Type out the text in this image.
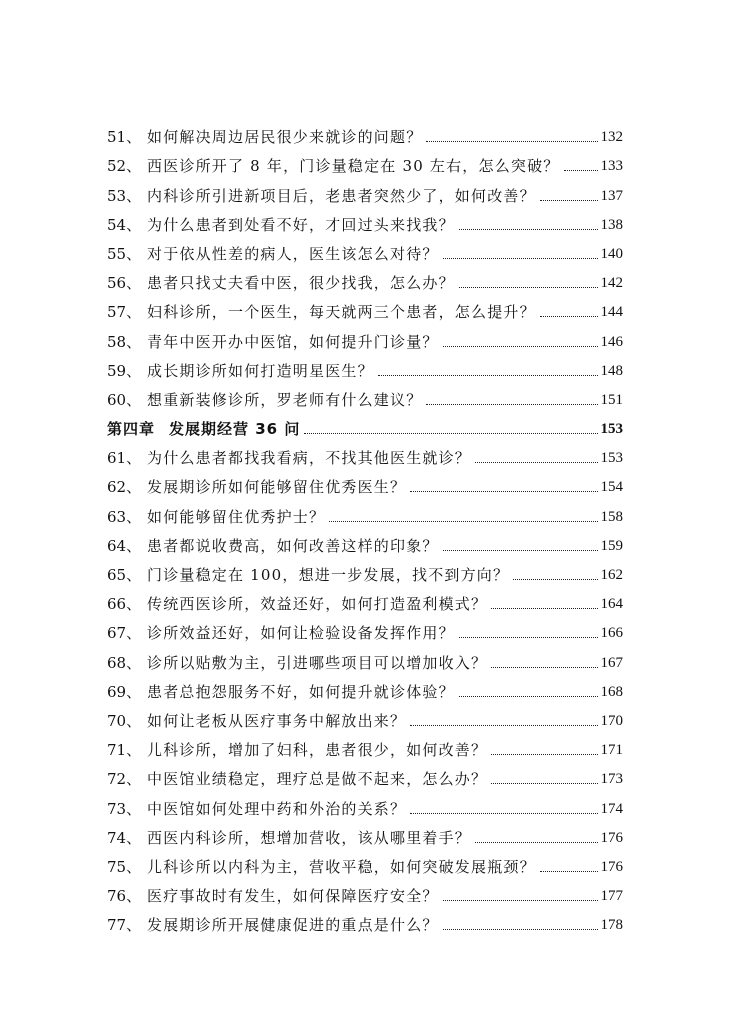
51、 如何解决周边居民很少来就诊的问题？	132
52、 西医诊所开了 8 年，门诊量稳定在 30 左右，怎么突破？	133
53、 内科诊所引进新项目后，老患者突然少了，如何改善？	137
54、 为什么患者到处看不好，才回过头来找我？	138
55、 对于依从性差的病人，医生该怎么对待？	140
56、 患者只找丈夫看中医，很少找我，怎么办？	142
57、 妇科诊所，一个医生，每天就两三个患者，怎么提升？	144
58、 青年中医开办中医馆，如何提升门诊量？	146
59、 成长期诊所如何打造明星医生？	148
60、 想重新装修诊所，罗老师有什么建议？	151
第四章 发展期经营 36 问	153
61、 为什么患者都找我看病，不找其他医生就诊？	153
62、 发展期诊所如何能够留住优秀医生？	154
63、 如何能够留住优秀护士？	158
64、 患者都说收费高，如何改善这样的印象？	159
65、 门诊量稳定在 100，想进一步发展，找不到方向？	162
66、 传统西医诊所，效益还好，如何打造盈利模式？	164
67、 诊所效益还好，如何让检验设备发挥作用？	166
68、 诊所以贴敷为主，引进哪些项目可以增加收入？	167
69、 患者总抱怨服务不好，如何提升就诊体验？	168
70、 如何让老板从医疗事务中解放出来？	170
71、 儿科诊所，增加了妇科，患者很少，如何改善？	171
72、 中医馆业绩稳定，理疗总是做不起来，怎么办？	173
73、 中医馆如何处理中药和外治的关系？	174
74、 西医内科诊所，想增加营收，该从哪里着手？	176
75、 儿科诊所以内科为主，营收平稳，如何突破发展瓶颈？	176
76、 医疗事故时有发生，如何保障医疗安全？	177
77、 发展期诊所开展健康促进的重点是什么？	178
